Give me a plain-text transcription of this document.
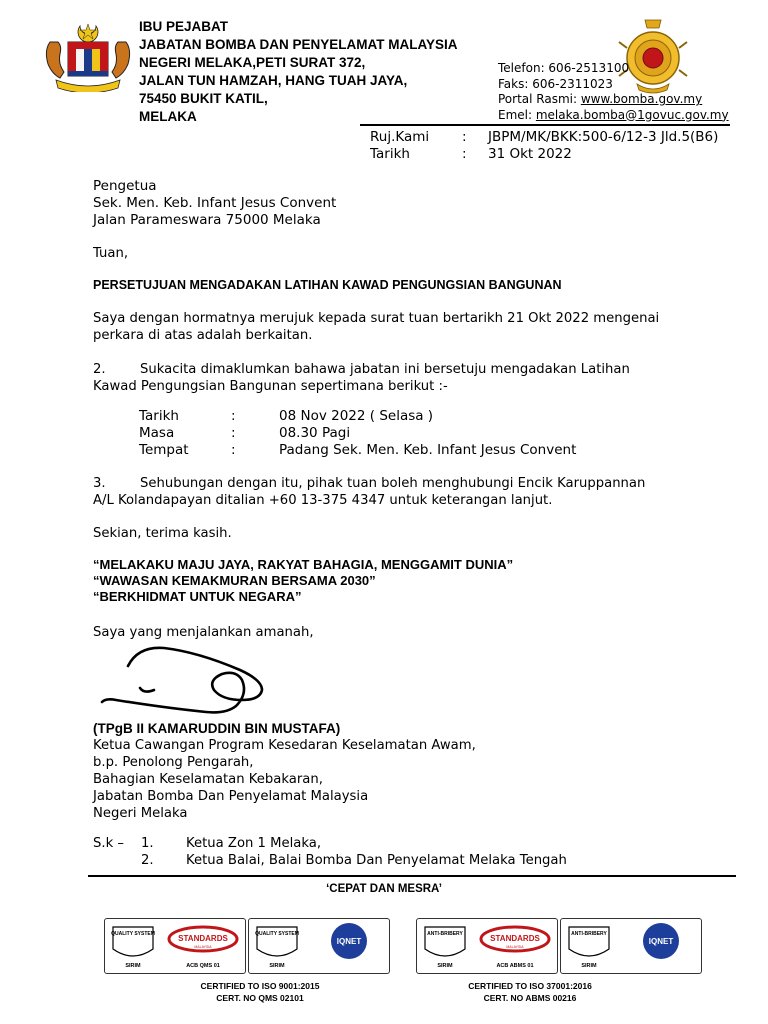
IBU PEJABAT
JABATAN BOMBA DAN PENYELAMAT MALAYSIA
NEGERI MELAKA,PETI SURAT 372,
JALAN TUN HAMZAH, HANG TUAH JAYA,
75450 BUKIT KATIL,
MELAKA
Telefon: 606-2513100
Faks: 606-2311023
Portal Rasmi: www.bomba.gov.my
Emel: melaka.bomba@1govuc.gov.my
Ruj.Kami	:	JBPM/MK/BKK:500-6/12-3 Jld.5(B6)
Tarikh	:	31 Okt 2022
Pengetua
Sek. Men. Keb. Infant Jesus Convent
Jalan Parameswara 75000 Melaka
Tuan,
PERSETUJUAN MENGADAKAN LATIHAN KAWAD PENGUNGSIAN BANGUNAN
Saya dengan hormatnya merujuk kepada surat tuan bertarikh 21 Okt 2022 mengenai
perkara di atas adalah berkaitan.
2.	Sukacita dimaklumkan bahawa jabatan ini bersetuju mengadakan Latihan
Kawad Pengungsian Bangunan sepertimana berikut :-
Tarikh	:	08 Nov 2022 ( Selasa )
Masa	:	08.30 Pagi
Tempat	:	Padang Sek. Men. Keb. Infant Jesus Convent
3.	Sehubungan dengan itu, pihak tuan boleh menghubungi Encik Karuppannan
A/L Kolandapayan ditalian +60 13-375 4347 untuk keterangan lanjut.
Sekian, terima kasih.
“MELAKAKU MAJU JAYA, RAKYAT BAHAGIA, MENGGAMIT DUNIA”
“WAWASAN KEMAKMURAN BERSAMA 2030”
“BERKHIDMAT UNTUK NEGARA”
Saya yang menjalankan amanah,
(TPgB II KAMARUDDIN BIN MUSTAFA)
Ketua Cawangan Program Kesedaran Keselamatan Awam,
b.p. Penolong Pengarah,
Bahagian Keselamatan Kebakaran,
Jabatan Bomba Dan Penyelamat Malaysia
Negeri Melaka
S.k –	1.	Ketua Zon 1 Melaka,
2.	Ketua Balai, Balai Bomba Dan Penyelamat Melaka Tengah
‘CEPAT DAN MESRA’
QUALITY SYSTEM	STANDARDS
MALAYSIA
SIRIM	ACB QMS 01
QUALITY SYSTEM
IQNET
SIRIM
ANTI-BRIBERY	STANDARDS
MALAYSIA
SIRIM	ACB ABMS 01
ANTI-BRIBERY
IQNET
SIRIM
CERTIFIED TO ISO 9001:2015
CERT. NO QMS 02101
CERTIFIED TO ISO 37001:2016
CERT. NO ABMS 00216
